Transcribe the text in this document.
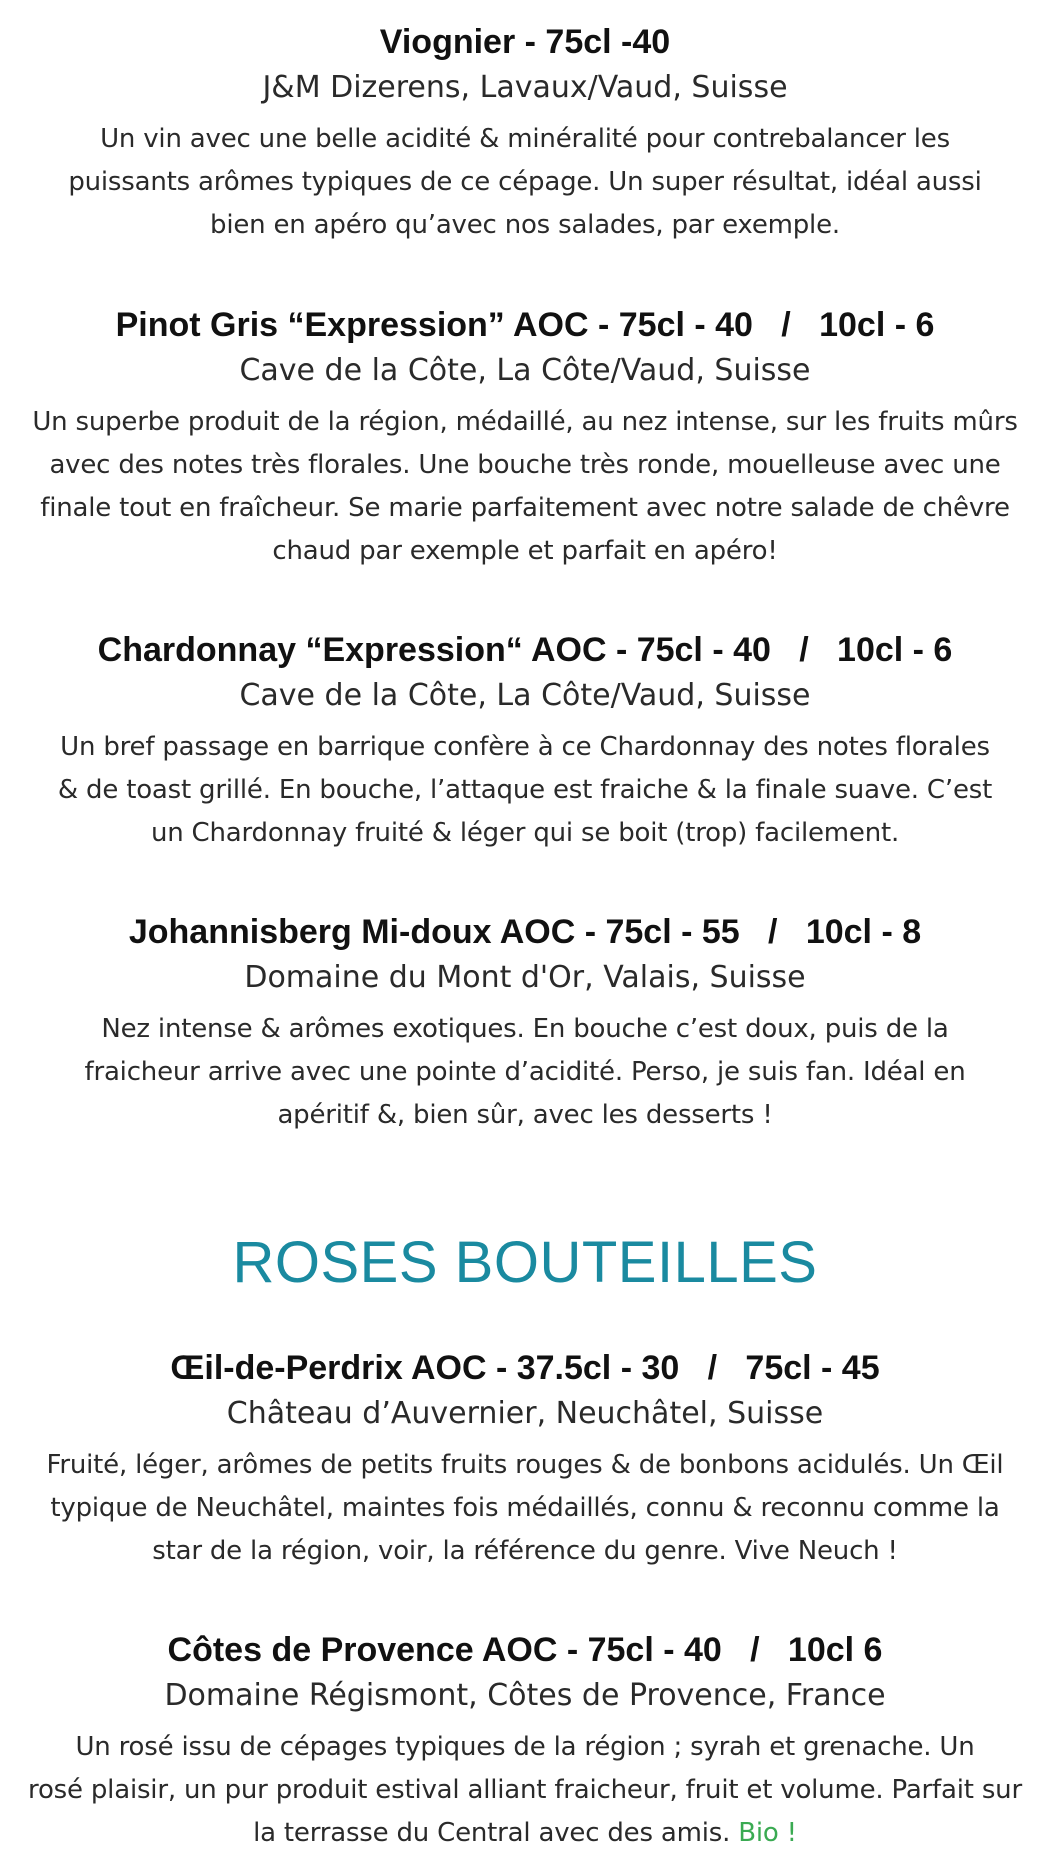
Viognier - 75cl -40

J&M Dizerens, Lavaux/Vaud, Suisse

Un vin avec une belle acidité & minéralité pour contrebalancer les
puissants arômes typiques de ce cépage. Un super résultat, idéal aussi
bien en apéro qu’avec nos salades, par exemple.

Pinot Gris “Expression” AOC - 75cl - 40   /   10cl - 6

Cave de la Côte, La Côte/Vaud, Suisse

Un superbe produit de la région, médaillé, au nez intense, sur les fruits mûrs
avec des notes très florales. Une bouche très ronde, mouelleuse avec une
finale tout en fraîcheur. Se marie parfaitement avec notre salade de chêvre
chaud par exemple et parfait en apéro!

Chardonnay “Expression“ AOC - 75cl - 40   /   10cl - 6

Cave de la Côte, La Côte/Vaud, Suisse

Un bref passage en barrique confère à ce Chardonnay des notes florales
& de toast grillé. En bouche, l’attaque est fraiche & la finale suave. C’est
un Chardonnay fruité & léger qui se boit (trop) facilement.

Johannisberg Mi-doux AOC - 75cl - 55   /   10cl - 8

Domaine du Mont d'Or, Valais, Suisse

Nez intense & arômes exotiques. En bouche c’est doux, puis de la
fraicheur arrive avec une pointe d’acidité. Perso, je suis fan. Idéal en
apéritif &, bien sûr, avec les desserts !
ROSES BOUTEILLES

Œil-de-Perdrix AOC - 37.5cl - 30   /   75cl - 45

Château d’Auvernier, Neuchâtel, Suisse

Fruité, léger, arômes de petits fruits rouges & de bonbons acidulés. Un Œil
typique de Neuchâtel, maintes fois médaillés, connu & reconnu comme la
star de la région, voir, la référence du genre. Vive Neuch !

Côtes de Provence AOC - 75cl - 40   /   10cl 6

Domaine Régismont, Côtes de Provence, France

Un rosé issu de cépages typiques de la région ; syrah et grenache. Un
rosé plaisir, un pur produit estival alliant fraicheur, fruit et volume. Parfait sur
la terrasse du Central avec des amis. Bio !
